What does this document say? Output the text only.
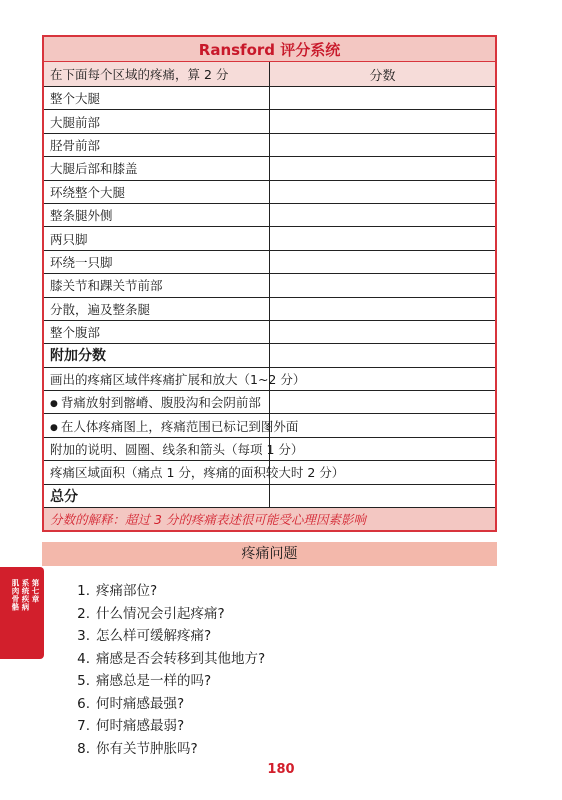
Ransford 评分系统	
在下面每个区域的疼痛，算 2 分	分数
整个大腿	
大腿前部	
胫骨前部	
大腿后部和膝盖	
环绕整个大腿	
整条腿外侧	
两只脚	
环绕一只脚	
膝关节和踝关节前部	
分散，遍及整条腿	
整个腹部	
附加分数	
画出的疼痛区域伴疼痛扩展和放大（1~2 分）	
● 背痛放射到髂嵴、腹股沟和会阴前部	
● 在人体疼痛图上，疼痛范围已标记到图外面	
附加的说明、圆圈、线条和箭头（每项 1 分）	
疼痛区域面积（痛点 1 分，疼痛的面积较大时 2 分）	
总分	
分数的解释：超过 3 分的疼痛表述很可能受心理因素影响	
疼痛问题
1. 疼痛部位?
2. 什么情况会引起疼痛?
3. 怎么样可缓解疼痛?
4. 痛感是否会转移到其他地方?
5. 痛感总是一样的吗?
6. 何时痛感最强?
7. 何时痛感最弱?
8. 你有关节肿胀吗?
第七章
系统疾病
肌肉骨骼
180
